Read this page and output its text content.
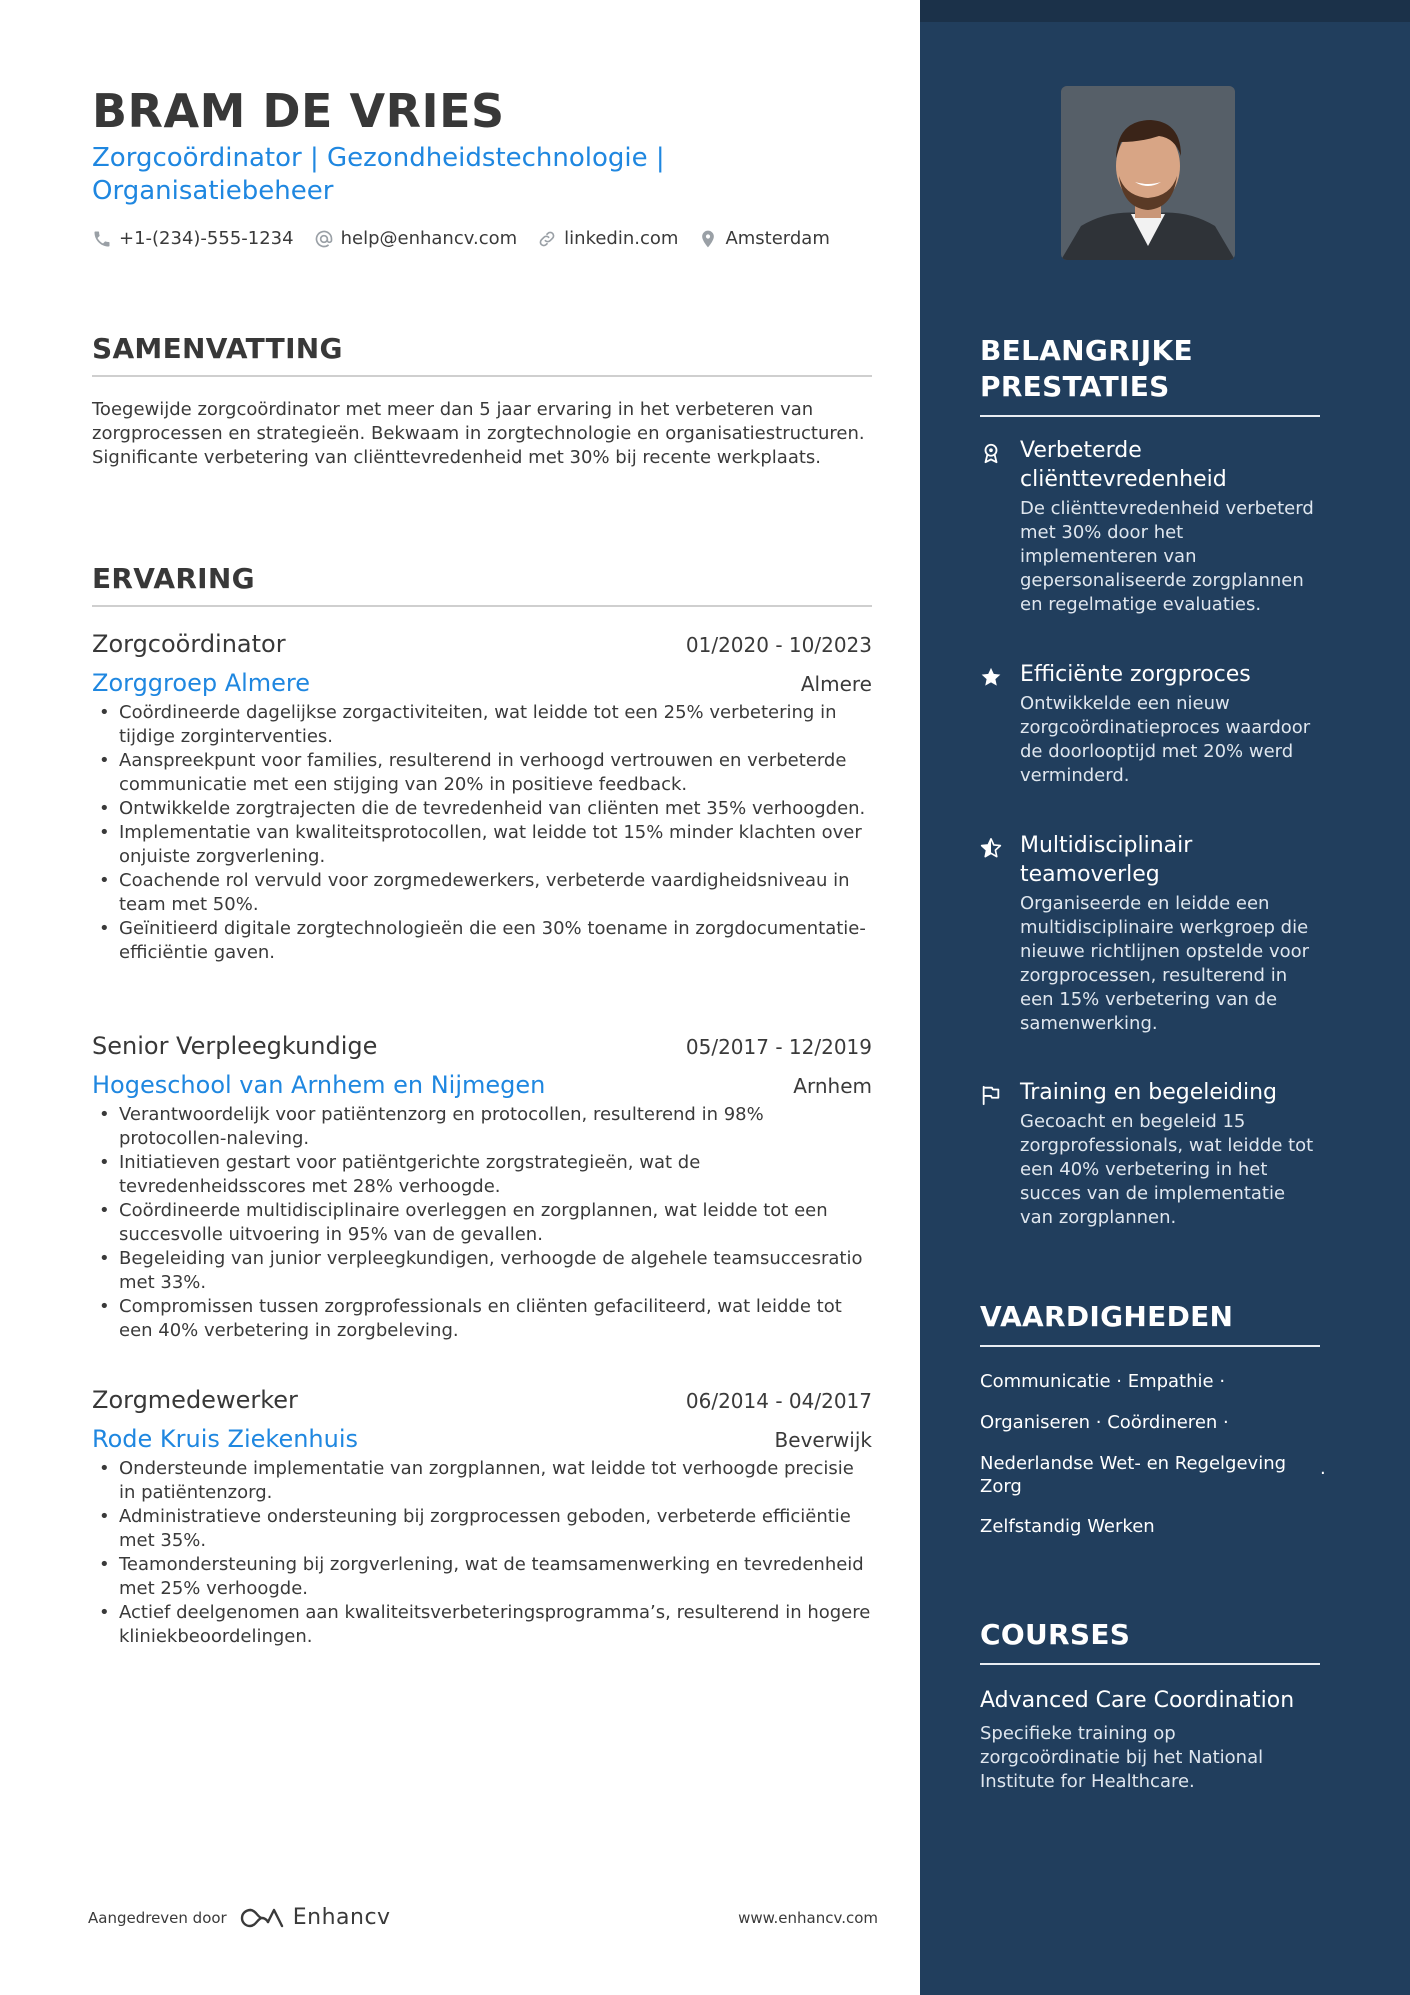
BRAM DE VRIES
Zorgcoördinator | Gezondheidstechnologie |
Organisatiebeheer
+1-(234)-555-1234	help@enhancv.com	linkedin.com	Amsterdam
SAMENVATTING

Toegewijde zorgcoördinator met meer dan 5 jaar ervaring in het verbeteren van zorgprocessen en strategieën. Bekwaam in zorgtechnologie en organisatiestructuren. Significante verbetering van cliënttevredenheid met 30% bij recente werkplaats.

ERVARING
Zorgcoördinator	01/2020 - 10/2023
Zorggroep Almere	Almere
• Coördineerde dagelijkse zorgactiviteiten, wat leidde tot een 25% verbetering in tijdige zorginterventies.
• Aanspreekpunt voor families, resulterend in verhoogd vertrouwen en verbeterde communicatie met een stijging van 20% in positieve feedback.
• Ontwikkelde zorgtrajecten die de tevredenheid van cliënten met 35% verhoogden.
• Implementatie van kwaliteitsprotocollen, wat leidde tot 15% minder klachten over onjuiste zorgverlening.
• Coachende rol vervuld voor zorgmedewerkers, verbeterde vaardigheidsniveau in team met 50%.
• Geïnitieerd digitale zorgtechnologieën die een 30% toename in zorgdocumentatie-efficiëntie gaven.
Senior Verpleegkundige	05/2017 - 12/2019
Hogeschool van Arnhem en Nijmegen	Arnhem
• Verantwoordelijk voor patiëntenzorg en protocollen, resulterend in 98% protocollen-naleving.
• Initiatieven gestart voor patiëntgerichte zorgstrategieën, wat de tevredenheidsscores met 28% verhoogde.
• Coördineerde multidisciplinaire overleggen en zorgplannen, wat leidde tot een succesvolle uitvoering in 95% van de gevallen.
• Begeleiding van junior verpleegkundigen, verhoogde de algehele teamsuccesratio met 33%.
• Compromissen tussen zorgprofessionals en cliënten gefaciliteerd, wat leidde tot een 40% verbetering in zorgbeleving.
Zorgmedewerker	06/2014 - 04/2017
Rode Kruis Ziekenhuis	Beverwijk
• Ondersteunde implementatie van zorgplannen, wat leidde tot verhoogde precisie in patiëntenzorg.
• Administratieve ondersteuning bij zorgprocessen geboden, verbeterde efficiëntie met 35%.
• Teamondersteuning bij zorgverlening, wat de teamsamenwerking en tevredenheid met 25% verhoogde.
• Actief deelgenomen aan kwaliteitsverbeteringsprogramma’s, resulterend in hogere kliniekbeoordelingen.
Aangedreven door	Enhancv	www.enhancv.com
BELANGRIJKE
PRESTATIES
Verbeterde cliënttevredenheid
De cliënttevredenheid verbeterd met 30% door het implementeren van gepersonaliseerde zorgplannen en regelmatige evaluaties.
Efficiënte zorgproces
Ontwikkelde een nieuw zorgcoördinatieproces waardoor de doorlooptijd met 20% werd verminderd.
Multidisciplinair teamoverleg
Organiseerde en leidde een multidisciplinaire werkgroep die nieuwe richtlijnen opstelde voor zorgprocessen, resulterend in een 15% verbetering van de samenwerking.
Training en begeleiding
Gecoacht en begeleid 15 zorgprofessionals, wat leidde tot een 40% verbetering in het succes van de implementatie van zorgplannen.
VAARDIGHEDEN
Communicatie · Empathie ·
Organiseren · Coördineren ·
Nederlandse Wet- en Regelgeving
Zorg
·
Zelfstandig Werken
COURSES
Advanced Care Coordination
Specifieke training op zorgcoördinatie bij het National Institute for Healthcare.
